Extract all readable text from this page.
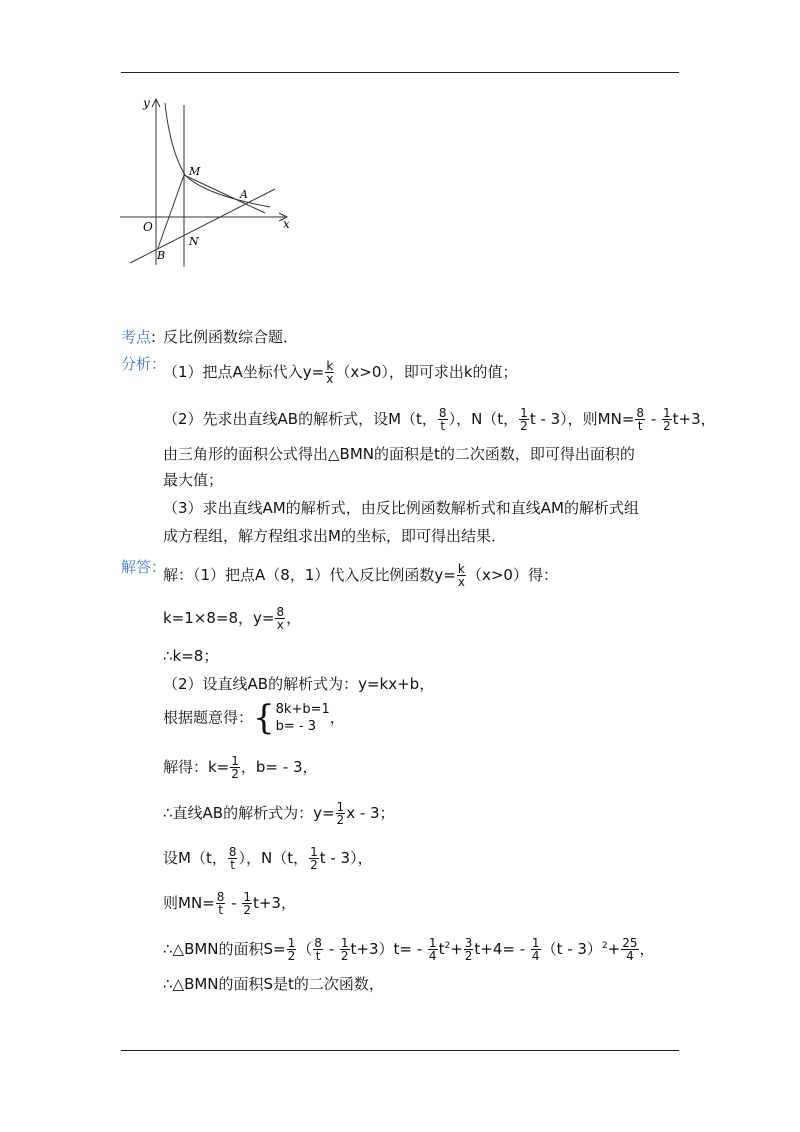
x
y
O
M
A
N
B
考点: 反比例函数综合题．
分析：
（1）把点A坐标代入$y= \frac{k}{x} (x>0)$，即可求出k的值；
（2）先求出直线AB的解析式，设M（t， $\frac{8}{t}$ ），N（t， $\frac{1}{2}$ t - 3），则$MN= \frac{8}{t} - \frac{1}{2} t+3$，
由三角形的面积公式得出△BMN的面积是t的二次函数，即可得出面积的
最大值；
（3）求出直线AM的解析式，由反比例函数解析式和直线AM的解析式组
成方程组，解方程组求出M的坐标，即可得出结果．
解答：
解：（1）把点A（8，1）代入反比例函数$y= \frac{k}{x} (x>0)$得：
k=1×8=8，$y= \frac{8}{x}$ ，
∴k=8；
（2）设直线AB的解析式为：y=kx+b，
根据题意得： { 8k+b=1
b= - 3 ，
解得：$k= \frac{1}{2}$ ，b= - 3，
∴直线AB的解析式为：$y= \frac{1}{2}$ x - 3；
设M（t， $\frac{8}{t}$ ），N（t， $\frac{1}{2}$ t - 3），
则$MN= \frac{8}{t} - \frac{1}{2} t+3$，
∴△BMN的面积$S= \frac{1}{2}$ （ $\frac{8}{t} - \frac{1}{2} t+3)t= - \frac{1}{4} t^2+ \frac{3}{2} t+4= - \frac{1}{4} (t - 3)^2+ \frac{25}{4}$ ，
∴△BMN的面积S是t的二次函数，
